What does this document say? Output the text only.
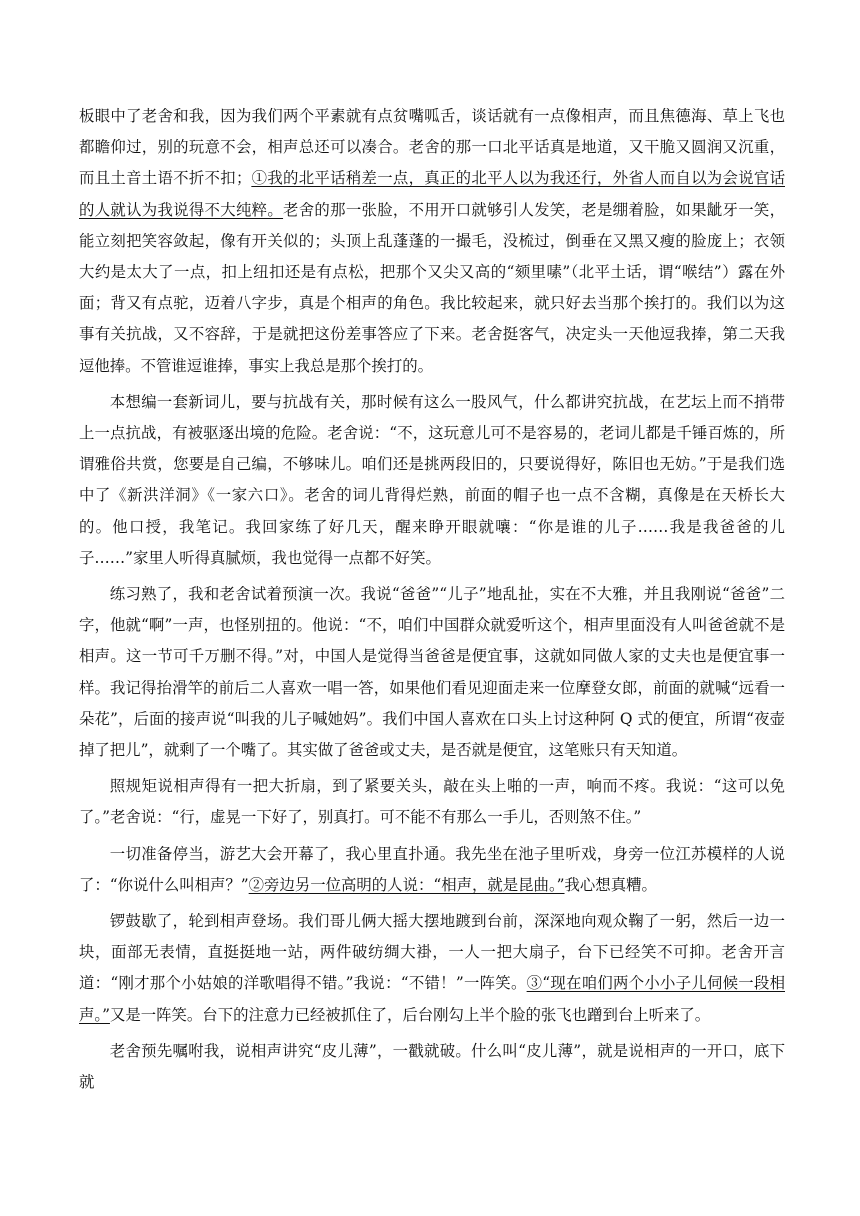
板眼中了老舍和我，因为我们两个平素就有点贫嘴呱舌，谈话就有一点像相声，而且焦德海、草上飞也都瞻仰过，别的玩意不会，相声总还可以凑合。老舍的那一口北平话真是地道，又干脆又圆润又沉重，而且土音土语不折不扣；①我的北平话稍差一点，真正的北平人以为我还行，外省人而自以为会说官话的人就认为我说得不大纯粹。老舍的那一张脸，不用开口就够引人发笑，老是绷着脸，如果龇牙一笑，能立刻把笑容敛起，像有开关似的；头顶上乱蓬蓬的一撮毛，没梳过，倒垂在又黑又瘦的脸庞上；衣领大约是太大了一点，扣上纽扣还是有点松，把那个又尖又高的“颏里嗉”（北平土话，谓“喉结”）露在外面；背又有点驼，迈着八字步，真是个相声的角色。我比较起来，就只好去当那个挨打的。我们以为这事有关抗战，又不容辞，于是就把这份差事答应了下来。老舍挺客气，决定头一天他逗我捧，第二天我逗他捧。不管谁逗谁捧，事实上我总是那个挨打的。

本想编一套新词儿，要与抗战有关，那时候有这么一股风气，什么都讲究抗战，在艺坛上而不捎带上一点抗战，有被驱逐出境的危险。老舍说：“不，这玩意儿可不是容易的，老词儿都是千锤百炼的，所谓雅俗共赏，您要是自己编，不够味儿。咱们还是挑两段旧的，只要说得好，陈旧也无妨。”于是我们选中了《新洪洋洞》《一家六口》。老舍的词儿背得烂熟，前面的帽子也一点不含糊，真像是在天桥长大的。他口授，我笔记。我回家练了好几天，醒来睁开眼就嚷：“你是谁的儿子……我是我爸爸的儿子……”家里人听得真腻烦，我也觉得一点都不好笑。

练习熟了，我和老舍试着预演一次。我说“爸爸”“儿子”地乱扯，实在不大雅，并且我刚说“爸爸”二字，他就“啊”一声，也怪别扭的。他说：“不，咱们中国群众就爱听这个，相声里面没有人叫爸爸就不是相声。这一节可千万删不得。”对，中国人是觉得当爸爸是便宜事，这就如同做人家的丈夫也是便宜事一样。我记得抬滑竿的前后二人喜欢一唱一答，如果他们看见迎面走来一位摩登女郎，前面的就喊“远看一朵花”，后面的接声说“叫我的儿子喊她妈”。我们中国人喜欢在口头上讨这种阿 Q 式的便宜，所谓“夜壶掉了把儿”，就剩了一个嘴了。其实做了爸爸或丈夫，是否就是便宜，这笔账只有天知道。

照规矩说相声得有一把大折扇，到了紧要关头，敲在头上啪的一声，响而不疼。我说：“这可以免了。”老舍说：“行，虚晃一下好了，别真打。可不能不有那么一手儿，否则煞不住。”

一切准备停当，游艺大会开幕了，我心里直扑通。我先坐在池子里听戏，身旁一位江苏模样的人说了：“你说什么叫相声？”②旁边另一位高明的人说：“相声，就是昆曲。”我心想真糟。

锣鼓歇了，轮到相声登场。我们哥儿俩大摇大摆地踱到台前，深深地向观众鞠了一躬，然后一边一块，面部无表情，直挺挺地一站，两件破纺绸大褂，一人一把大扇子，台下已经笑不可抑。老舍开言道：“刚才那个小姑娘的洋歌唱得不错。”我说：“不错！”一阵笑。③“现在咱们两个小小子儿伺候一段相声。”又是一阵笑。台下的注意力已经被抓住了，后台刚勾上半个脸的张飞也蹭到台上听来了。

老舍预先嘱咐我，说相声讲究“皮儿薄”，一戳就破。什么叫“皮儿薄”，就是说相声的一开口，底下就
